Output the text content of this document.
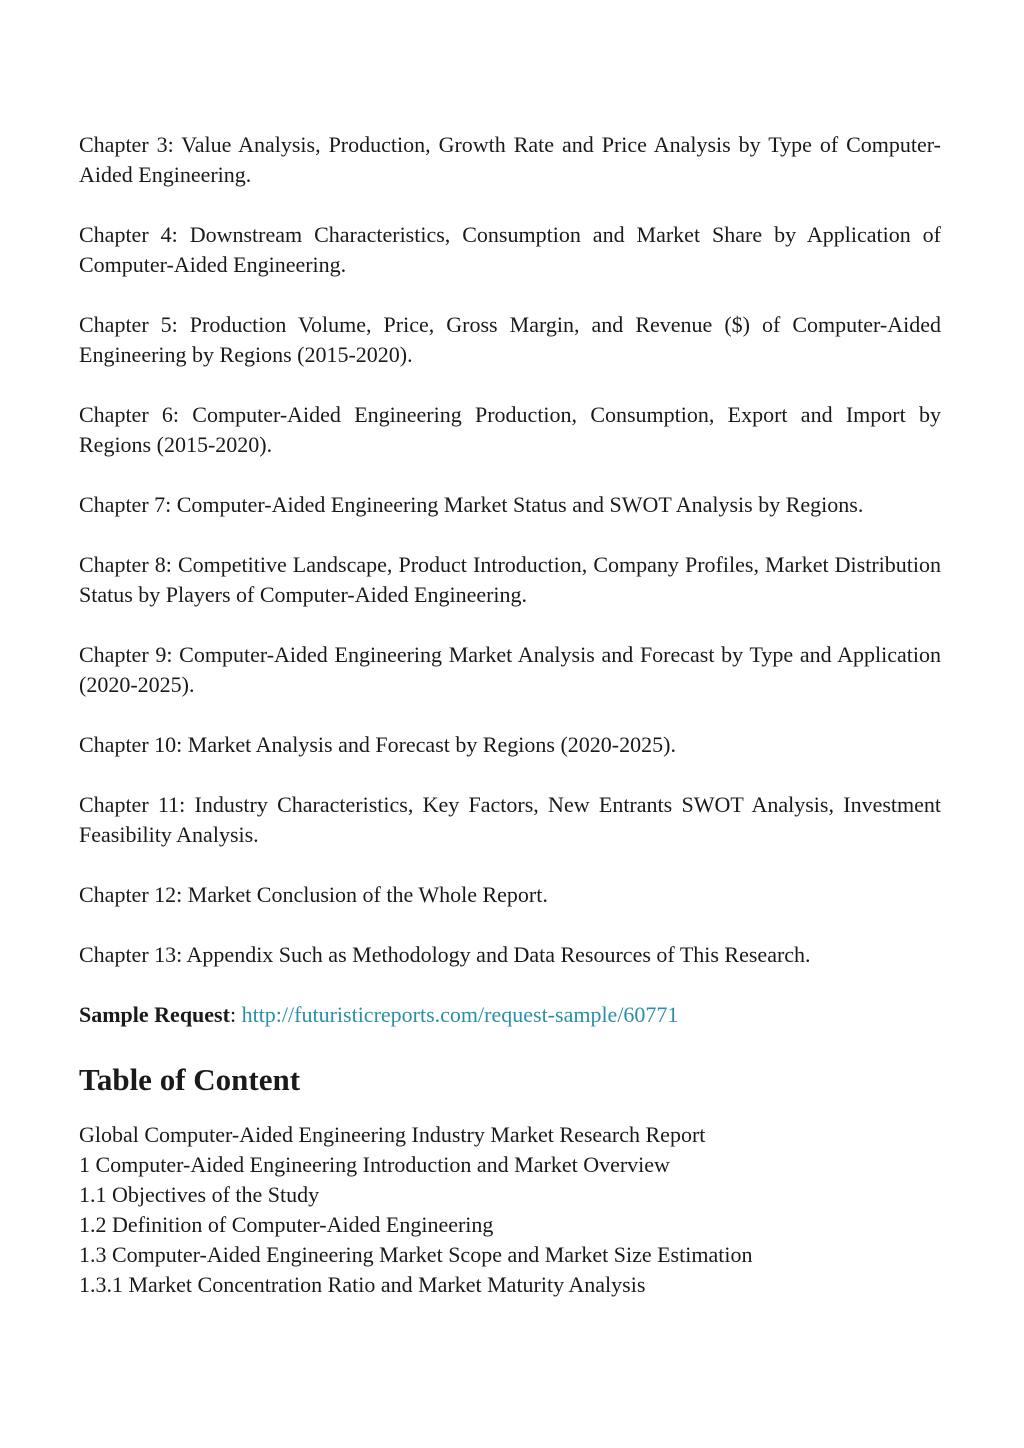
Chapter 3: Value Analysis, Production, Growth Rate and Price Analysis by Type of Computer-Aided Engineering.

Chapter 4: Downstream Characteristics, Consumption and Market Share by Application of Computer-Aided Engineering.

Chapter 5: Production Volume, Price, Gross Margin, and Revenue ($) of Computer-Aided Engineering by Regions (2015-2020).

Chapter 6: Computer-Aided Engineering Production, Consumption, Export and Import by Regions (2015-2020).

Chapter 7: Computer-Aided Engineering Market Status and SWOT Analysis by Regions.

Chapter 8: Competitive Landscape, Product Introduction, Company Profiles, Market Distribution Status by Players of Computer-Aided Engineering.

Chapter 9: Computer-Aided Engineering Market Analysis and Forecast by Type and Application (2020-2025).

Chapter 10: Market Analysis and Forecast by Regions (2020-2025).

Chapter 11: Industry Characteristics, Key Factors, New Entrants SWOT Analysis, Investment Feasibility Analysis.

Chapter 12: Market Conclusion of the Whole Report.

Chapter 13: Appendix Such as Methodology and Data Resources of This Research.

Sample Request: http://futuristicreports.com/request-sample/60771

Table of Content
Global Computer-Aided Engineering Industry Market Research Report
1 Computer-Aided Engineering Introduction and Market Overview
1.1 Objectives of the Study
1.2 Definition of Computer-Aided Engineering
1.3 Computer-Aided Engineering Market Scope and Market Size Estimation
1.3.1 Market Concentration Ratio and Market Maturity Analysis
